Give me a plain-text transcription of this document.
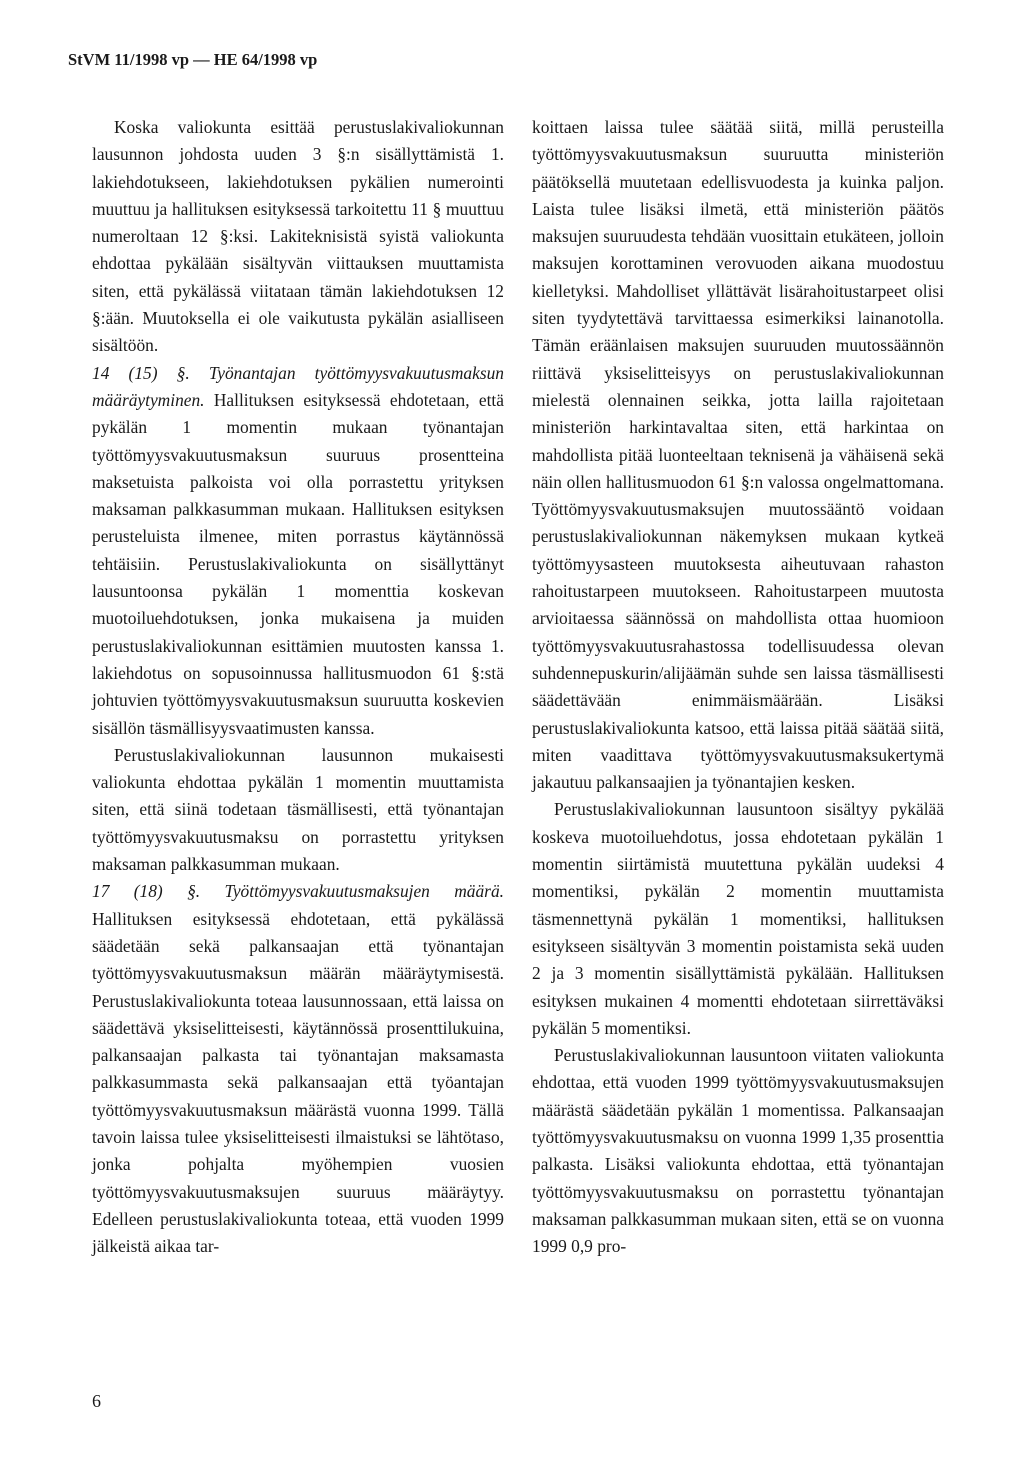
StVM 11/1998 vp — HE 64/1998 vp

Koska valiokunta esittää perustuslakivaliokunnan lausunnon johdosta uuden 3 §:n sisällyttämistä 1. lakiehdotukseen, lakiehdotuksen pykälien numerointi muuttuu ja hallituksen esityksessä tarkoitettu 11 § muuttuu numeroltaan 12 §:ksi. Lakiteknisistä syistä valiokunta ehdottaa pykälään sisältyvän viittauksen muuttamista siten, että pykälässä viitataan tämän lakiehdotuksen 12 §:ään. Muutoksella ei ole vaikutusta pykälän asialliseen sisältöön.

14 (15) §. Työnantajan työttömyysvakuutusmaksun määräytyminen. Hallituksen esityksessä ehdotetaan, että pykälän 1 momentin mukaan työnantajan työttömyysvakuutusmaksun suuruus prosentteina maksetuista palkoista voi olla porrastettu yrityksen maksaman palkkasumman mukaan. Hallituksen esityksen perusteluista ilmenee, miten porrastus käytännössä tehtäisiin. Perustuslakivaliokunta on sisällyttänyt lausuntoonsa pykälän 1 momenttia koskevan muotoiluehdotuksen, jonka mukaisena ja muiden perustuslakivaliokunnan esittämien muutosten kanssa 1. lakiehdotus on sopusoinnussa hallitusmuodon 61 §:stä johtuvien työttömyysvakuutusmaksun suuruutta koskevien sisällön täsmällisyysvaatimusten kanssa.

Perustuslakivaliokunnan lausunnon mukaisesti valiokunta ehdottaa pykälän 1 momentin muuttamista siten, että siinä todetaan täsmällisesti, että työnantajan työttömyysvakuutusmaksu on porrastettu yrityksen maksaman palkkasumman mukaan.

17 (18) §. Työttömyysvakuutusmaksujen määrä. Hallituksen esityksessä ehdotetaan, että pykälässä säädetään sekä palkansaajan että työnantajan työttömyysvakuutusmaksun määrän määräytymisestä. Perustuslakivaliokunta toteaa lausunnossaan, että laissa on säädettävä yksiselitteisesti, käytännössä prosenttilukuina, palkansaajan palkasta tai työnantajan maksamasta palkkasummasta sekä palkansaajan että työantajan työttömyysvakuutusmaksun määrästä vuonna 1999. Tällä tavoin laissa tulee yksiselitteisesti ilmaistuksi se lähtötaso, jonka pohjalta myöhempien vuosien työttömyysvakuutusmaksujen suuruus määräytyy. Edelleen perustuslakivaliokunta toteaa, että vuoden 1999 jälkeistä aikaa tar-

koittaen laissa tulee säätää siitä, millä perusteilla työttömyysvakuutusmaksun suuruutta ministeriön päätöksellä muutetaan edellisvuodesta ja kuinka paljon. Laista tulee lisäksi ilmetä, että ministeriön päätös maksujen suuruudesta tehdään vuosittain etukäteen, jolloin maksujen korottaminen verovuoden aikana muodostuu kielletyksi. Mahdolliset yllättävät lisärahoitustarpeet olisi siten tyydytettävä tarvittaessa esimerkiksi lainanotolla. Tämän eräänlaisen maksujen suuruuden muutossäännön riittävä yksiselitteisyys on perustuslakivaliokunnan mielestä olennainen seikka, jotta lailla rajoitetaan ministeriön harkintavaltaa siten, että harkintaa on mahdollista pitää luonteeltaan teknisenä ja vähäisenä sekä näin ollen hallitusmuodon 61 §:n valossa ongelmattomana. Työttömyysvakuutusmaksujen muutossääntö voidaan perustuslakivaliokunnan näkemyksen mukaan kytkeä työttömyysasteen muutoksesta aiheutuvaan rahaston rahoitustarpeen muutokseen. Rahoitustarpeen muutosta arvioitaessa säännössä on mahdollista ottaa huomioon työttömyysvakuutusrahastossa todellisuudessa olevan suhdennepuskurin/alijäämän suhde sen laissa täsmällisesti säädettävään enimmäismäärään. Lisäksi perustuslakivaliokunta katsoo, että laissa pitää säätää siitä, miten vaadittava työttömyysvakuutusmaksukertymä jakautuu palkansaajien ja työnantajien kesken.

Perustuslakivaliokunnan lausuntoon sisältyy pykälää koskeva muotoiluehdotus, jossa ehdotetaan pykälän 1 momentin siirtämistä muutettuna pykälän uudeksi 4 momentiksi, pykälän 2 momentin muuttamista täsmennettynä pykälän 1 momentiksi, hallituksen esitykseen sisältyvän 3 momentin poistamista sekä uuden 2 ja 3 momentin sisällyttämistä pykälään. Hallituksen esityksen mukainen 4 momentti ehdotetaan siirrettäväksi pykälän 5 momentiksi.

Perustuslakivaliokunnan lausuntoon viitaten valiokunta ehdottaa, että vuoden 1999 työttömyysvakuutusmaksujen määrästä säädetään pykälän 1 momentissa. Palkansaajan työttömyysvakuutusmaksu on vuonna 1999 1,35 prosenttia palkasta. Lisäksi valiokunta ehdottaa, että työnantajan työttömyysvakuutusmaksu on porrastettu työnantajan maksaman palkkasumman mukaan siten, että se on vuonna 1999 0,9 pro-

6
